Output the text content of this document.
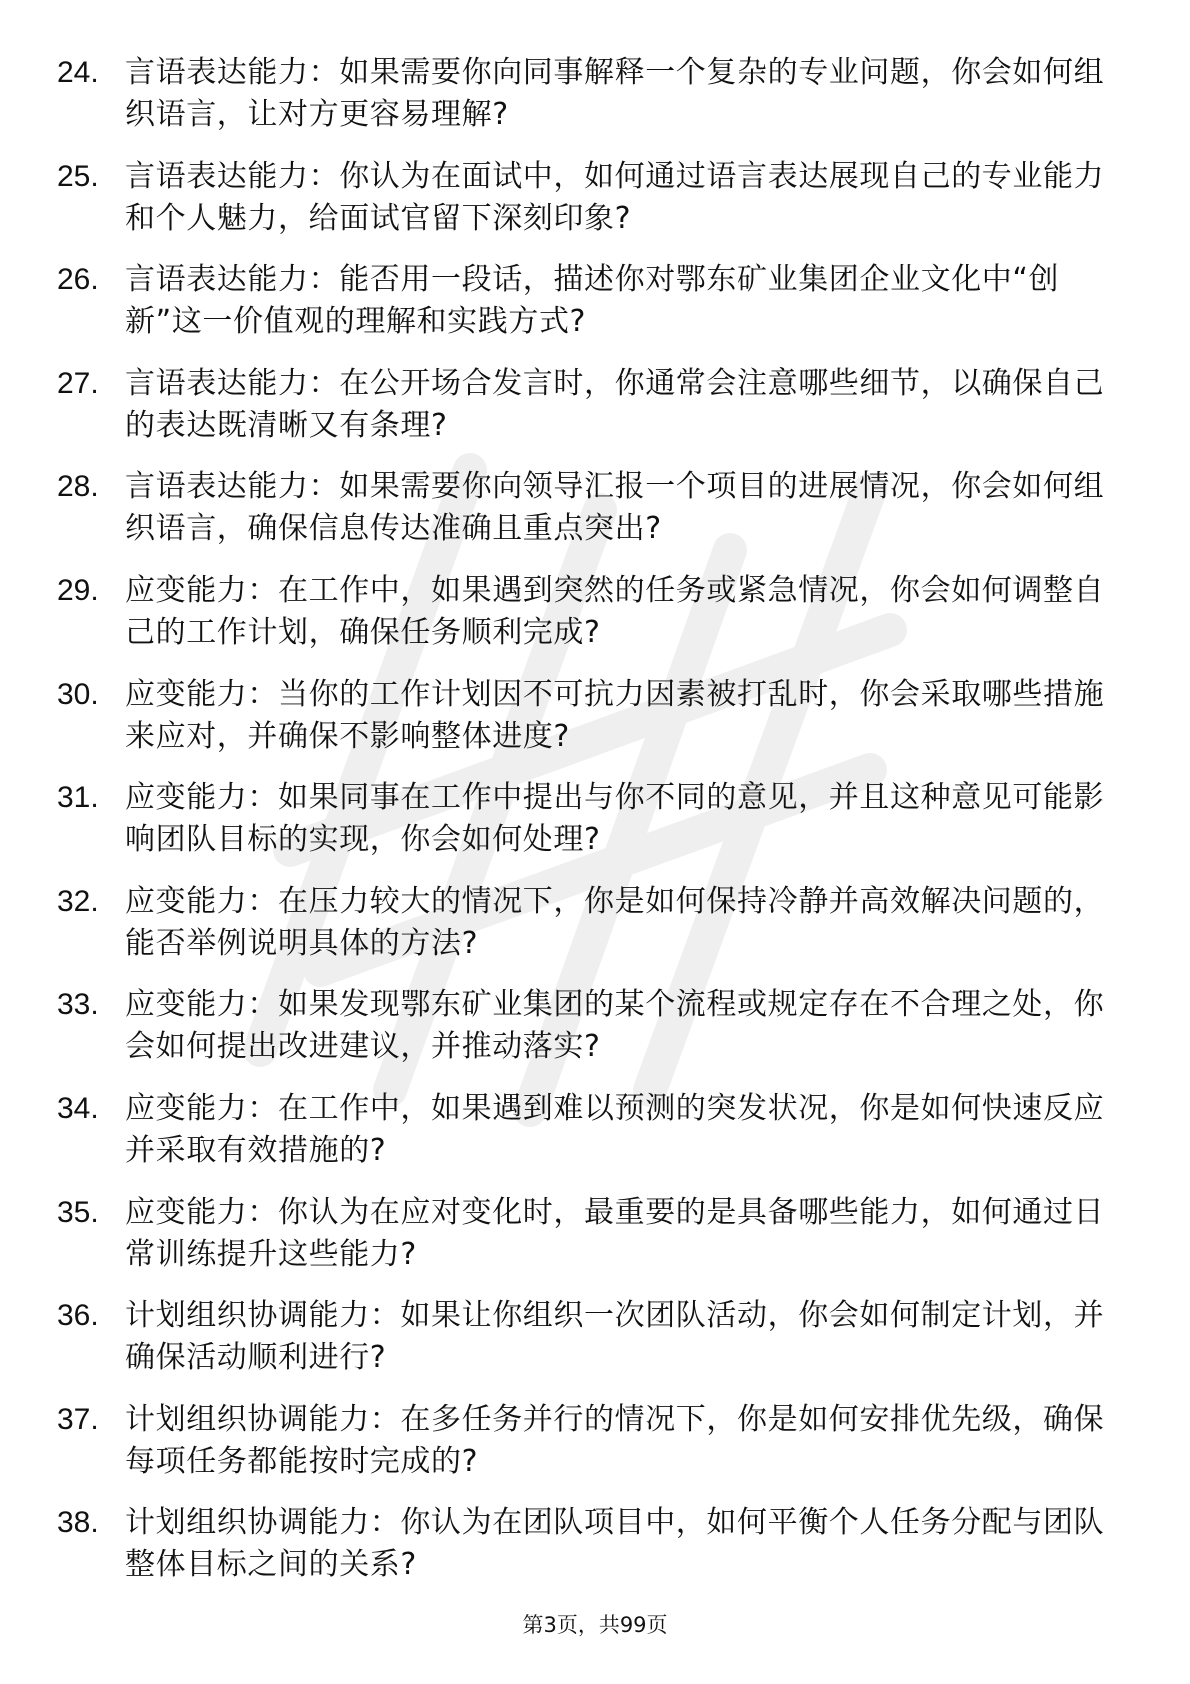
24. 言语表达能力：如果需要你向同事解释一个复杂的专业问题，你会如何组织语言，让对方更容易理解?
25. 言语表达能力：你认为在面试中，如何通过语言表达展现自己的专业能力和个人魅力，给面试官留下深刻印象?
26. 言语表达能力：能否用一段话，描述你对鄂东矿业集团企业文化中“创新”这一价值观的理解和实践方式?
27. 言语表达能力：在公开场合发言时，你通常会注意哪些细节，以确保自己的表达既清晰又有条理?
28. 言语表达能力：如果需要你向领导汇报一个项目的进展情况，你会如何组织语言，确保信息传达准确且重点突出?
29. 应变能力：在工作中，如果遇到突然的任务或紧急情况，你会如何调整自己的工作计划，确保任务顺利完成?
30. 应变能力：当你的工作计划因不可抗力因素被打乱时，你会采取哪些措施来应对，并确保不影响整体进度?
31. 应变能力：如果同事在工作中提出与你不同的意见，并且这种意见可能影响团队目标的实现，你会如何处理?
32. 应变能力：在压力较大的情况下，你是如何保持冷静并高效解决问题的，能否举例说明具体的方法?
33. 应变能力：如果发现鄂东矿业集团的某个流程或规定存在不合理之处，你会如何提出改进建议，并推动落实?
34. 应变能力：在工作中，如果遇到难以预测的突发状况，你是如何快速反应并采取有效措施的?
35. 应变能力：你认为在应对变化时，最重要的是具备哪些能力，如何通过日常训练提升这些能力?
36. 计划组织协调能力：如果让你组织一次团队活动，你会如何制定计划，并确保活动顺利进行?
37. 计划组织协调能力：在多任务并行的情况下，你是如何安排优先级，确保每项任务都能按时完成的?
38. 计划组织协调能力：你认为在团队项目中，如何平衡个人任务分配与团队整体目标之间的关系?
第3页，共99页
